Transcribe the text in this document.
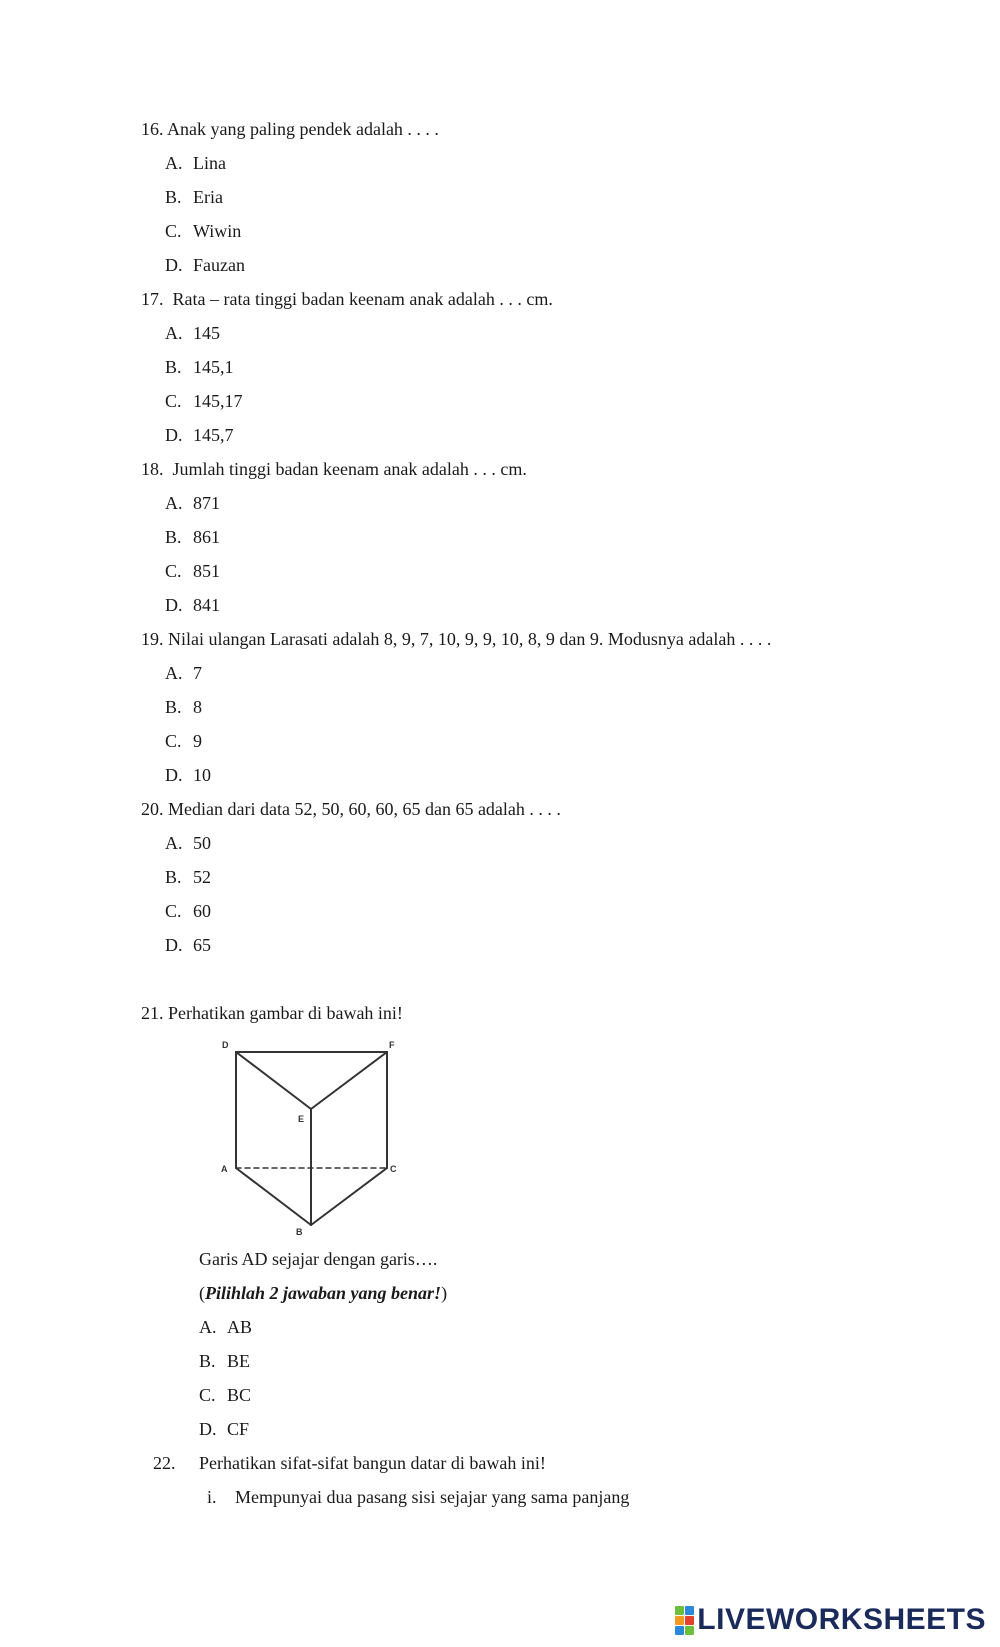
16. Anak yang paling pendek adalah . . . .
A. Lina
B. Eria
C. Wiwin
D. Fauzan
17. Rata – rata tinggi badan keenam anak adalah . . . cm.
A. 145
B. 145,1
C. 145,17
D. 145,7
18. Jumlah tinggi badan keenam anak adalah . . . cm.
A. 871
B. 861
C. 851
D. 841
19. Nilai ulangan Larasati adalah 8, 9, 7, 10, 9, 9, 10, 8, 9 dan 9. Modusnya adalah . . . .
A. 7
B. 8
C. 9
D. 10
20. Median dari data 52, 50, 60, 60, 65 dan 65 adalah . . . .
A. 50
B. 52
C. 60
D. 65
21. Perhatikan gambar di bawah ini!
D	F
E
A	C
B
Garis AD sejajar dengan garis….
(Pilihlah 2 jawaban yang benar!)
A. AB
B. BE
C. BC
D. CF
22. Perhatikan sifat-sifat bangun datar di bawah ini!
i. Mempunyai dua pasang sisi sejajar yang sama panjang
LIVEWORKSHEETS
